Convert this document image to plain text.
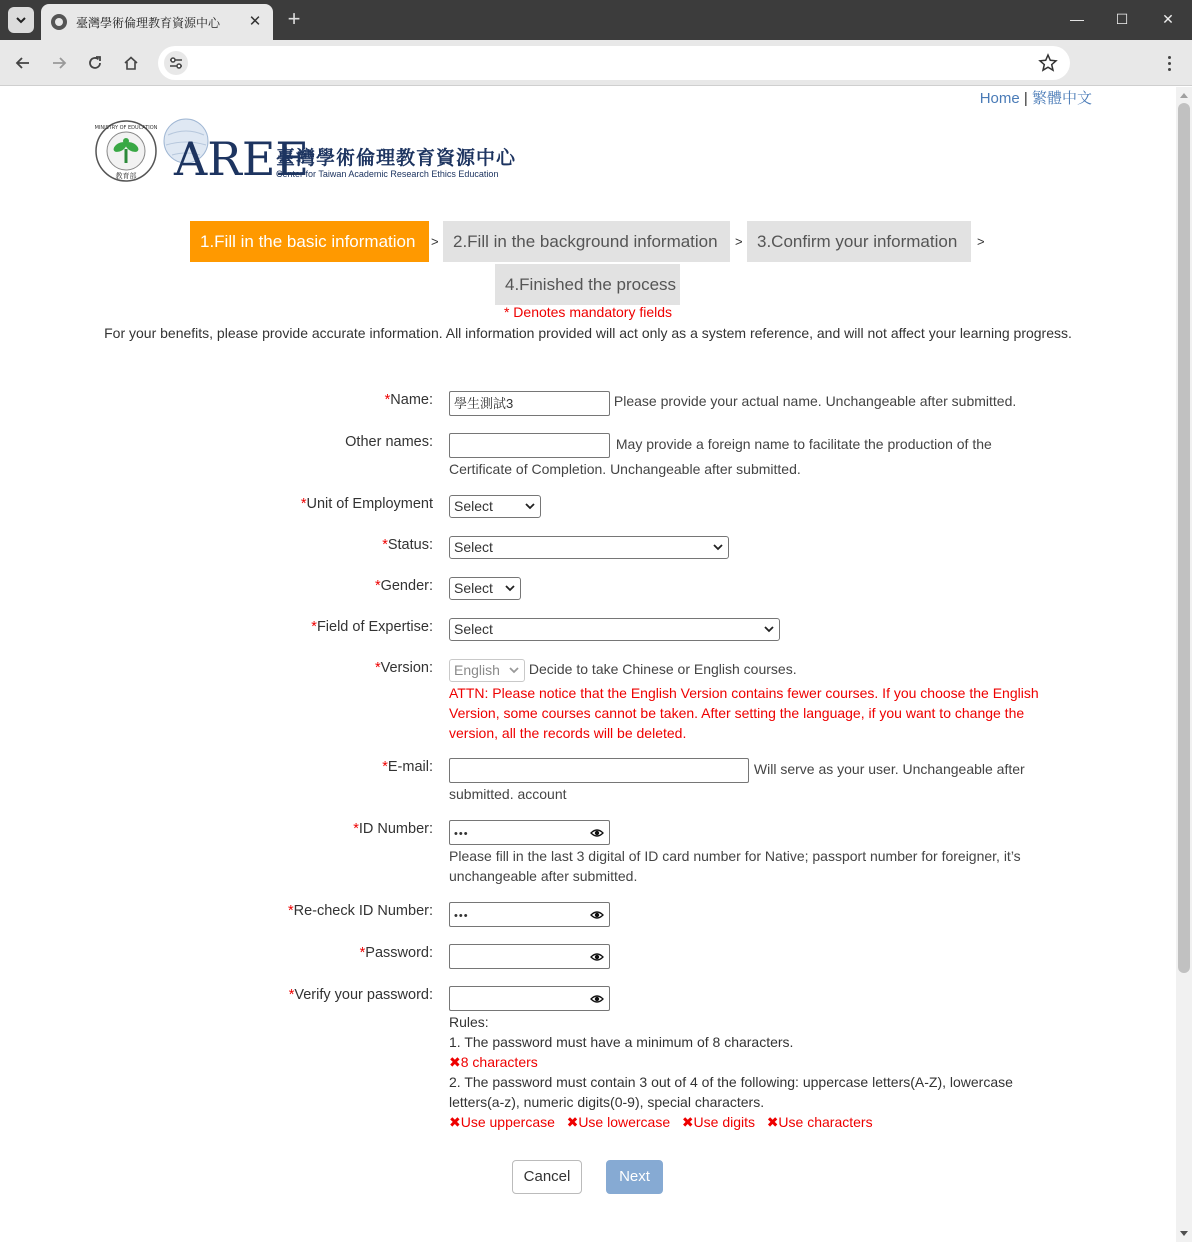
臺灣學術倫理教育資源中心	✕ +	—	☐	✕
Home | 繁體中文
MINISTRY OF EDUCATION
教育部 AREE
臺灣學術倫理教育資源中心
Center for Taiwan Academic Research Ethics Education
1.Fill in the basic information	> 2.Fill in the background information	> 3.Confirm your information	>
4.Finished the process
* Denotes mandatory fields
For your benefits, please provide accurate information. All information provided will act only as a system reference, and will not affect your learning progress.
*Name:	學生測試3	Please provide your actual name. Unchangeable after submitted.
Other names:	May provide a foreign name to facilitate the production of the Certificate of Completion. Unchangeable after submitted.
*Unit of Employment	Select
*Status:	Select
*Gender:	Select
*Field of Expertise:	Select
*Version:	English Decide to take Chinese or English courses.
ATTN: Please notice that the English Version contains fewer courses. If you choose the English Version, some courses cannot be taken. After setting the language, if you want to change the version, all the records will be deleted.
*E-mail:	Will serve as your user. Unchangeable after submitted. account
*ID Number:	•••
Please fill in the last 3 digital of ID card number for Native; passport number for foreigner, it’s unchangeable after submitted.
*Re-check ID Number:	•••
*Password:
*Verify your password:
Rules:
1. The password must have a minimum of 8 characters.
✖8 characters
2. The password must contain 3 out of 4 of the following: uppercase letters(A-Z), lowercase letters(a-z), numeric digits(0-9), special characters.
✖Use uppercase ✖Use lowercase ✖Use digits ✖Use characters
Cancel	Next
